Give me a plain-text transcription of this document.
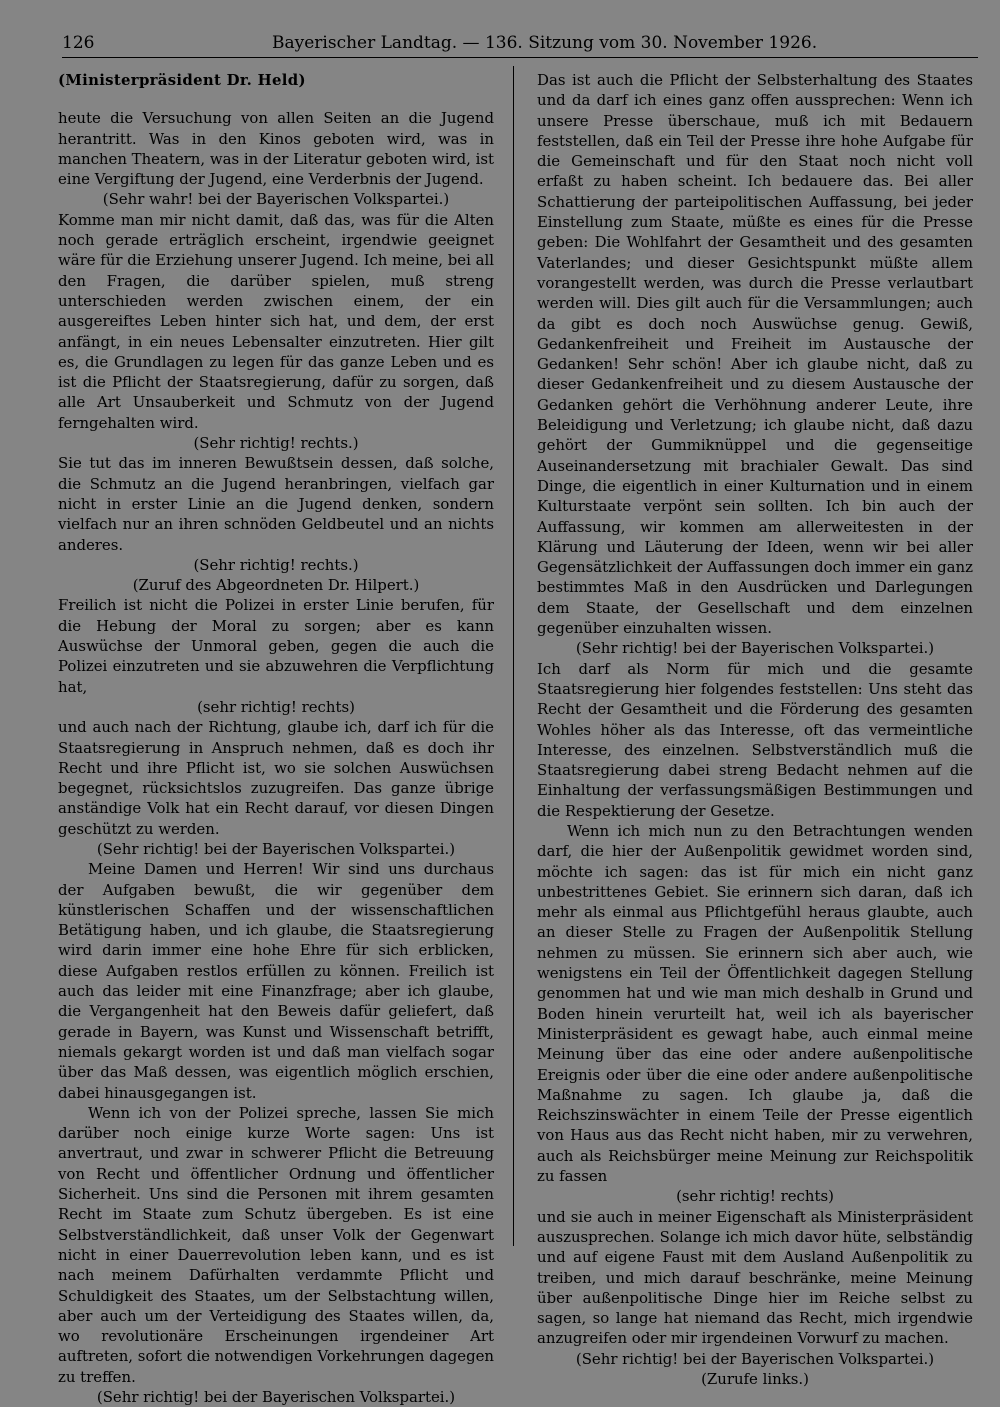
126	Bayerischer Landtag. — 136. Sitzung vom 30. November 1926.

(Ministerpräsident Dr. Held)

heute die Versuchung von allen Seiten an die Jugend herantritt. Was in den Kinos geboten wird, was in manchen Theatern, was in der Literatur geboten wird, ist eine Vergiftung der Jugend, eine Verderbnis der Jugend.

(Sehr wahr! bei der Bayerischen Volkspartei.)

Komme man mir nicht damit, daß das, was für die Alten noch gerade erträglich erscheint, irgendwie geeignet wäre für die Erziehung unserer Jugend. Ich meine, bei all den Fragen, die darüber spielen, muß streng unterschieden werden zwischen einem, der ein ausgereiftes Leben hinter sich hat, und dem, der erst anfängt, in ein neues Lebensalter einzutreten. Hier gilt es, die Grundlagen zu legen für das ganze Leben und es ist die Pflicht der Staatsregierung, dafür zu sorgen, daß alle Art Unsauberkeit und Schmutz von der Jugend ferngehalten wird.

(Sehr richtig! rechts.)

Sie tut das im inneren Bewußtsein dessen, daß solche, die Schmutz an die Jugend heranbringen, vielfach gar nicht in erster Linie an die Jugend denken, sondern vielfach nur an ihren schnöden Geldbeutel und an nichts anderes.

(Sehr richtig! rechts.)

(Zuruf des Abgeordneten Dr. Hilpert.)

Freilich ist nicht die Polizei in erster Linie berufen, für die Hebung der Moral zu sorgen; aber es kann Auswüchse der Unmoral geben, gegen die auch die Polizei einzutreten und sie abzuwehren die Verpflichtung hat,

(sehr richtig! rechts)

und auch nach der Richtung, glaube ich, darf ich für die Staatsregierung in Anspruch nehmen, daß es doch ihr Recht und ihre Pflicht ist, wo sie solchen Auswüchsen begegnet, rücksichtslos zuzugreifen. Das ganze übrige anständige Volk hat ein Recht darauf, vor diesen Dingen geschützt zu werden.

(Sehr richtig! bei der Bayerischen Volkspartei.)

Meine Damen und Herren! Wir sind uns durchaus der Aufgaben bewußt, die wir gegenüber dem künstlerischen Schaffen und der wissenschaftlichen Betätigung haben, und ich glaube, die Staatsregierung wird darin immer eine hohe Ehre für sich erblicken, diese Aufgaben restlos erfüllen zu können. Freilich ist auch das leider mit eine Finanzfrage; aber ich glaube, die Vergangenheit hat den Beweis dafür geliefert, daß gerade in Bayern, was Kunst und Wissenschaft betrifft, niemals gekargt worden ist und daß man vielfach sogar über das Maß dessen, was eigentlich möglich erschien, dabei hinausgegangen ist.

Wenn ich von der Polizei spreche, lassen Sie mich darüber noch einige kurze Worte sagen: Uns ist anvertraut, und zwar in schwerer Pflicht die Betreuung von Recht und öffentlicher Ordnung und öffentlicher Sicherheit. Uns sind die Personen mit ihrem gesamten Recht im Staate zum Schutz übergeben. Es ist eine Selbstverständlichkeit, daß unser Volk der Gegenwart nicht in einer Dauerrevolution leben kann, und es ist nach meinem Dafürhalten verdammte Pflicht und Schuldigkeit des Staates, um der Selbstachtung willen, aber auch um der Verteidigung des Staates willen, da, wo revolutionäre Erscheinungen irgendeiner Art auftreten, sofort die notwendigen Vorkehrungen dagegen zu treffen.

(Sehr richtig! bei der Bayerischen Volkspartei.)

Das ist auch die Pflicht der Selbsterhaltung des Staates und da darf ich eines ganz offen aussprechen: Wenn ich unsere Presse überschaue, muß ich mit Bedauern feststellen, daß ein Teil der Presse ihre hohe Aufgabe für die Gemeinschaft und für den Staat noch nicht voll erfaßt zu haben scheint. Ich bedauere das. Bei aller Schattierung der parteipolitischen Auffassung, bei jeder Einstellung zum Staate, müßte es eines für die Presse geben: Die Wohlfahrt der Gesamtheit und des gesamten Vaterlandes; und dieser Gesichtspunkt müßte allem vorangestellt werden, was durch die Presse verlautbart werden will. Dies gilt auch für die Versammlungen; auch da gibt es doch noch Auswüchse genug. Gewiß, Gedankenfreiheit und Freiheit im Austausche der Gedanken! Sehr schön! Aber ich glaube nicht, daß zu dieser Gedankenfreiheit und zu diesem Austausche der Gedanken gehört die Verhöhnung anderer Leute, ihre Beleidigung und Verletzung; ich glaube nicht, daß dazu gehört der Gummiknüppel und die gegenseitige Auseinandersetzung mit brachialer Gewalt. Das sind Dinge, die eigentlich in einer Kulturnation und in einem Kulturstaate verpönt sein sollten. Ich bin auch der Auffassung, wir kommen am allerweitesten in der Klärung und Läuterung der Ideen, wenn wir bei aller Gegensätzlichkeit der Auffassungen doch immer ein ganz bestimmtes Maß in den Ausdrücken und Darlegungen dem Staate, der Gesellschaft und dem einzelnen gegenüber einzuhalten wissen.

(Sehr richtig! bei der Bayerischen Volkspartei.)

Ich darf als Norm für mich und die gesamte Staatsregierung hier folgendes feststellen: Uns steht das Recht der Gesamtheit und die Förderung des gesamten Wohles höher als das Interesse, oft das vermeintliche Interesse, des einzelnen. Selbstverständlich muß die Staatsregierung dabei streng Bedacht nehmen auf die Einhaltung der verfassungsmäßigen Bestimmungen und die Respektierung der Gesetze.

Wenn ich mich nun zu den Betrachtungen wenden darf, die hier der Außenpolitik gewidmet worden sind, möchte ich sagen: das ist für mich ein nicht ganz unbestrittenes Gebiet. Sie erinnern sich daran, daß ich mehr als einmal aus Pflichtgefühl heraus glaubte, auch an dieser Stelle zu Fragen der Außenpolitik Stellung nehmen zu müssen. Sie erinnern sich aber auch, wie wenigstens ein Teil der Öffentlichkeit dagegen Stellung genommen hat und wie man mich deshalb in Grund und Boden hinein verurteilt hat, weil ich als bayerischer Ministerpräsident es gewagt habe, auch einmal meine Meinung über das eine oder andere außenpolitische Ereignis oder über die eine oder andere außenpolitische Maßnahme zu sagen. Ich glaube ja, daß die Reichszinswächter in einem Teile der Presse eigentlich von Haus aus das Recht nicht haben, mir zu verwehren, auch als Reichsbürger meine Meinung zur Reichspolitik zu fassen

(sehr richtig! rechts)

und sie auch in meiner Eigenschaft als Ministerpräsident auszusprechen. Solange ich mich davor hüte, selbständig und auf eigene Faust mit dem Ausland Außenpolitik zu treiben, und mich darauf beschränke, meine Meinung über außenpolitische Dinge hier im Reiche selbst zu sagen, so lange hat niemand das Recht, mich irgendwie anzugreifen oder mir irgendeinen Vorwurf zu machen.

(Sehr richtig! bei der Bayerischen Volkspartei.)

(Zurufe links.)
